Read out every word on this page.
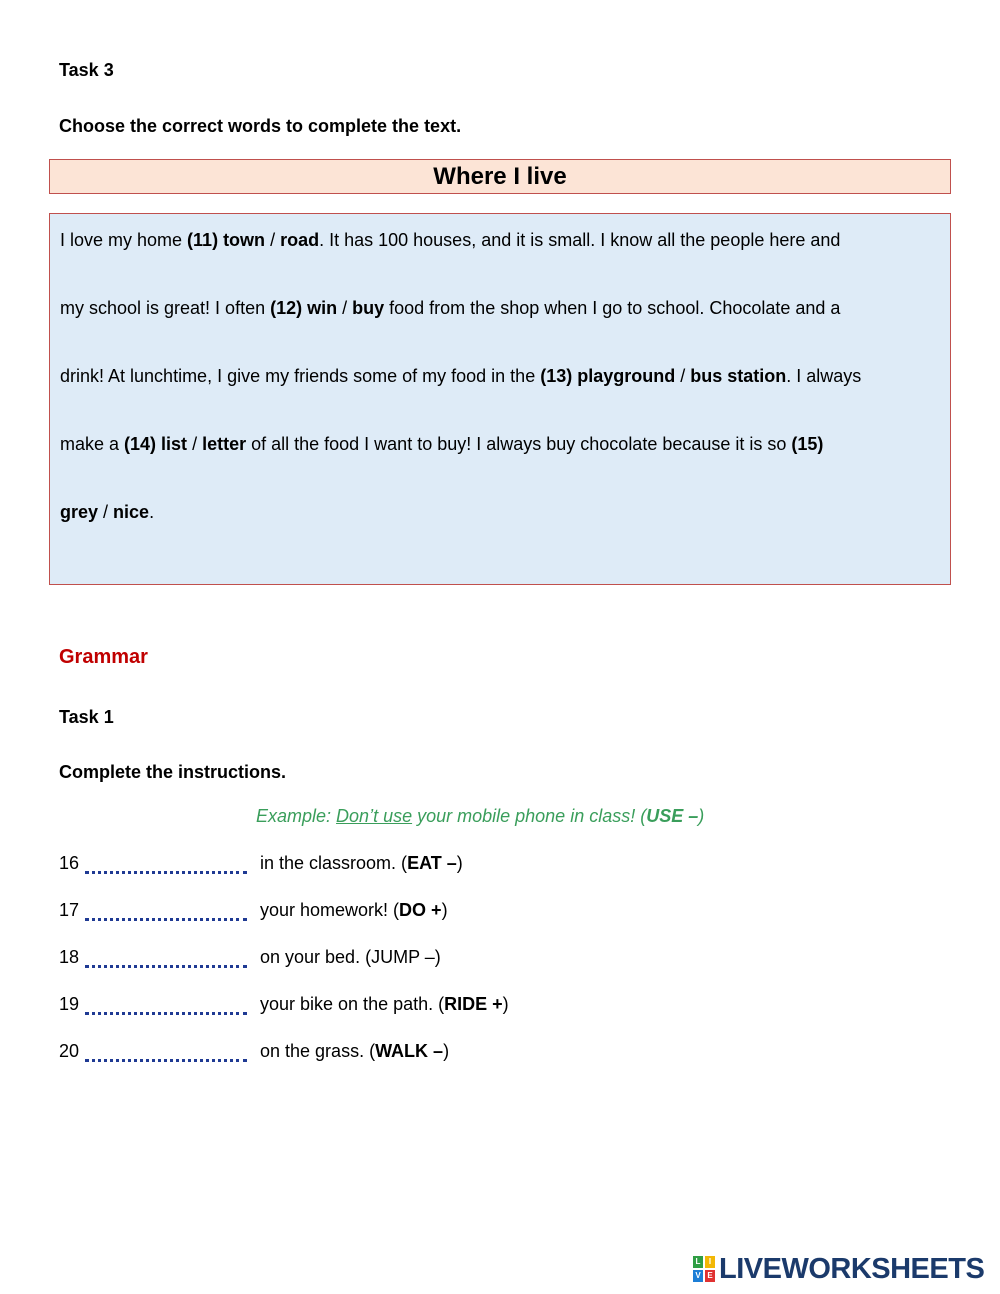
Task 3
Choose the correct words to complete the text.
Where I live
I love my home (11) town / road. It has 100 houses, and it is small. I know all the people here and
my school is great! I often (12) win / buy food from the shop when I go to school. Chocolate and a
drink! At lunchtime, I give my friends some of my food in the (13) playground / bus station. I always
make a (14) list / letter of all the food I want to buy! I always buy chocolate because it is so (15)
grey / nice.
Grammar
Task 1
Complete the instructions.
Example: Don’t use your mobile phone in class! (USE –)
16	in the classroom. (EAT –)
17	your homework! (DO +)
18	on your bed. (JUMP –)
19	your bike on the path. (RIDE +)
20	on the grass. (WALK –)
L	I
V E LIVEWORKSHEETS
